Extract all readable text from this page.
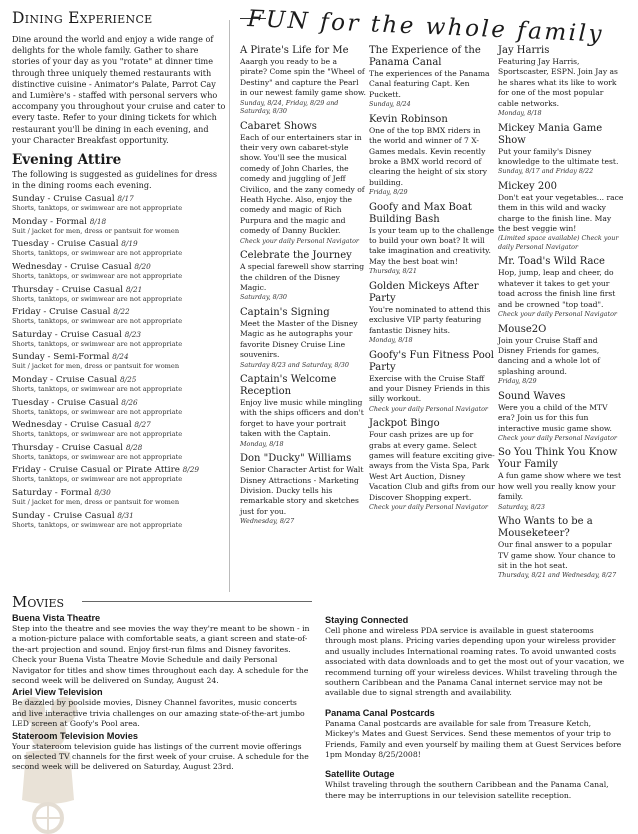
Dining Experience
Dine around the world and enjoy a wide range of delights for the whole family. Gather to share stories of your day as you "rotate" at dinner time through three uniquely themed restaurants with distinctive cuisine - Animator's Palate, Parrot Cay and Lumière's - staffed with personal servers who accompany you throughout your cruise and cater to every taste. Refer to your dining tickets for which restaurant you'll be dining in each evening, and your Character Breakfast opportunity.
Evening Attire
The following is suggested as guidelines for dress in the dining rooms each evening.
Sunday - Cruise Casual 8/17
Shorts, tanktops, or swimwear are not appropriate
Monday - Formal 8/18
Suit / jacket for men, dress or pantsuit for women
Tuesday - Cruise Casual 8/19
Shorts, tanktops, or swimwear are not appropriate
Wednesday - Cruise Casual 8/20
Shorts, tanktops, or swimwear are not appropriate
Thursday - Cruise Casual 8/21
Shorts, tanktops, or swimwear are not appropriate
Friday - Cruise Casual 8/22
Shorts, tanktops, or swimwear are not appropriate
Saturday - Cruise Casual 8/23
Shorts, tanktops, or swimwear are not appropriate
Sunday - Semi-Formal 8/24
Suit / jacket for men, dress or pantsuit for women
Monday - Cruise Casual 8/25
Shorts, tanktops, or swimwear are not appropriate
Tuesday - Cruise Casual 8/26
Shorts, tanktops, or swimwear are not appropriate
Wednesday - Cruise Casual 8/27
Shorts, tanktops, or swimwear are not appropriate
Thursday - Cruise Casual 8/28
Shorts, tanktops, or swimwear are not appropriate
Friday - Cruise Casual or Pirate Attire 8/29
Shorts, tanktops, or swimwear are not appropriate
Saturday - Formal 8/30
Suit / jacket for men, dress or pantsuit for women
Sunday - Cruise Casual 8/31
Shorts, tanktops, or swimwear are not appropriate
FUN for the whole family
A Pirate's Life for Me
Aaargh you ready to be a pirate? Come spin the "Wheel of Destiny" and capture the Pearl in our newest family game show.
Sunday, 8/24, Friday, 8/29 and Saturday, 8/30
Cabaret Shows
Each of our entertainers star in their very own cabaret-style show. You'll see the musical comedy of John Charles, the comedy and juggling of Jeff Civilico, and the zany comedy of Heath Hyche. Also, enjoy the comedy and magic of Rich Purpura and the magic and comedy of Danny Buckler.
Check your daily Personal Navigator
Celebrate the Journey
A special farewell show starring the children of the Disney Magic.
Saturday, 8/30
Captain's Signing
Meet the Master of the Disney Magic as he autographs your favorite Disney Cruise Line souvenirs.
Saturday 8/23 and Saturday, 8/30
Captain's Welcome Reception
Enjoy live music while mingling with the ships officers and don't forget to have your portrait taken with the Captain.
Monday, 8/18
Don "Ducky" Williams
Senior Character Artist for Walt Disney Attractions - Marketing Division. Ducky tells his remarkable story and sketches just for you.
Wednesday, 8/27
The Experience of the Panama Canal
The experiences of the Panama Canal featuring Capt. Ken Puckett.
Sunday, 8/24
Kevin Robinson
One of the top BMX riders in the world and winner of 7 X-Games medals. Kevin recently broke a BMX world record of clearing the height of six story building.
Friday, 8/29
Goofy and Max Boat Building Bash
Is your team up to the challenge to build your own boat? It will take imagination and creativity. May the best boat win!
Thursday, 8/21
Golden Mickeys After Party
You're nominated to attend this exclusive VIP party featuring fantastic Disney hits.
Monday, 8/18
Goofy's Fun Fitness Pool Party
Exercise with the Cruise Staff and your Disney Friends in this silly workout.
Check your daily Personal Navigator
Jackpot Bingo
Four cash prizes are up for grabs at every game. Select games will feature exciting give-aways from the Vista Spa, Park West Art Auction, Disney Vacation Club and gifts from our Discover Shopping expert.
Check your daily Personal Navigator
Jay Harris
Featuring Jay Harris, Sportscaster, ESPN. Join Jay as he shares what its like to work for one of the most popular cable networks.
Monday, 8/18
Mickey Mania Game Show
Put your family's Disney knowledge to the ultimate test.
Sunday, 8/17 and Friday 8/22
Mickey 200
Don't eat your vegetables... race them in this wild and wacky charge to the finish line. May the best veggie win!
(Limited space available) Check your daily Personal Navigator
Mr. Toad's Wild Race
Hop, jump, leap and cheer, do whatever it takes to get your toad across the finish line first and be crowned "top toad".
Check your daily Personal Navigator
Mouse2O
Join your Cruise Staff and Disney Friends for games, dancing and a whole lot of splashing around.
Friday, 8/29
Sound Waves
Were you a child of the MTV era? Join us for this fun interactive music game show.
Check your daily Personal Navigator
So You Think You Know Your Family
A fun game show where we test how well you really know your family.
Saturday, 8/23
Who Wants to be a Mouseketeer?
Our final answer to a popular TV game show. Your chance to sit in the hot seat.
Thursday, 8/21 and Wednesday, 8/27
Movies
Buena Vista Theatre
Step into the theatre and see movies the way they're meant to be shown - in a motion-picture palace with comfortable seats, a giant screen and state-of-the-art projection and sound. Enjoy first-run films and Disney favorites. Check your Buena Vista Theatre Movie Schedule and daily Personal Navigator for titles and show times throughout each day. A schedule for the second week will be delivered on Sunday, August 24.
Ariel View Television
Be dazzled by poolside movies, Disney Channel favorites, music concerts and live interactive trivia challenges on our amazing state-of-the-art jumbo LED screen at Goofy's Pool area.
Stateroom Television Movies
Your stateroom television guide has listings of the current movie offerings on selected TV channels for the first week of your cruise. A schedule for the second week will be delivered on Saturday, August 23rd.
Staying Connected
Cell phone and wireless PDA service is available in guest staterooms through most plans. Pricing varies depending upon your wireless provider and usually includes International roaming rates. To avoid unwanted costs associated with data downloads and to get the most out of your vacation, we recommend turning off your wireless devices. Whilst traveling through the southern Caribbean and the Panama Canal internet service may not be available due to signal strength and availability.
Panama Canal Postcards
Panama Canal postcards are available for sale from Treasure Ketch, Mickey's Mates and Guest Services. Send these mementos of your trip to Friends, Family and even yourself by mailing them at Guest Services before 1pm Monday 8/25/2008!
Satellite Outage
Whilst traveling through the southern Caribbean and the Panama Canal, there may be interruptions in our television satellite reception.
